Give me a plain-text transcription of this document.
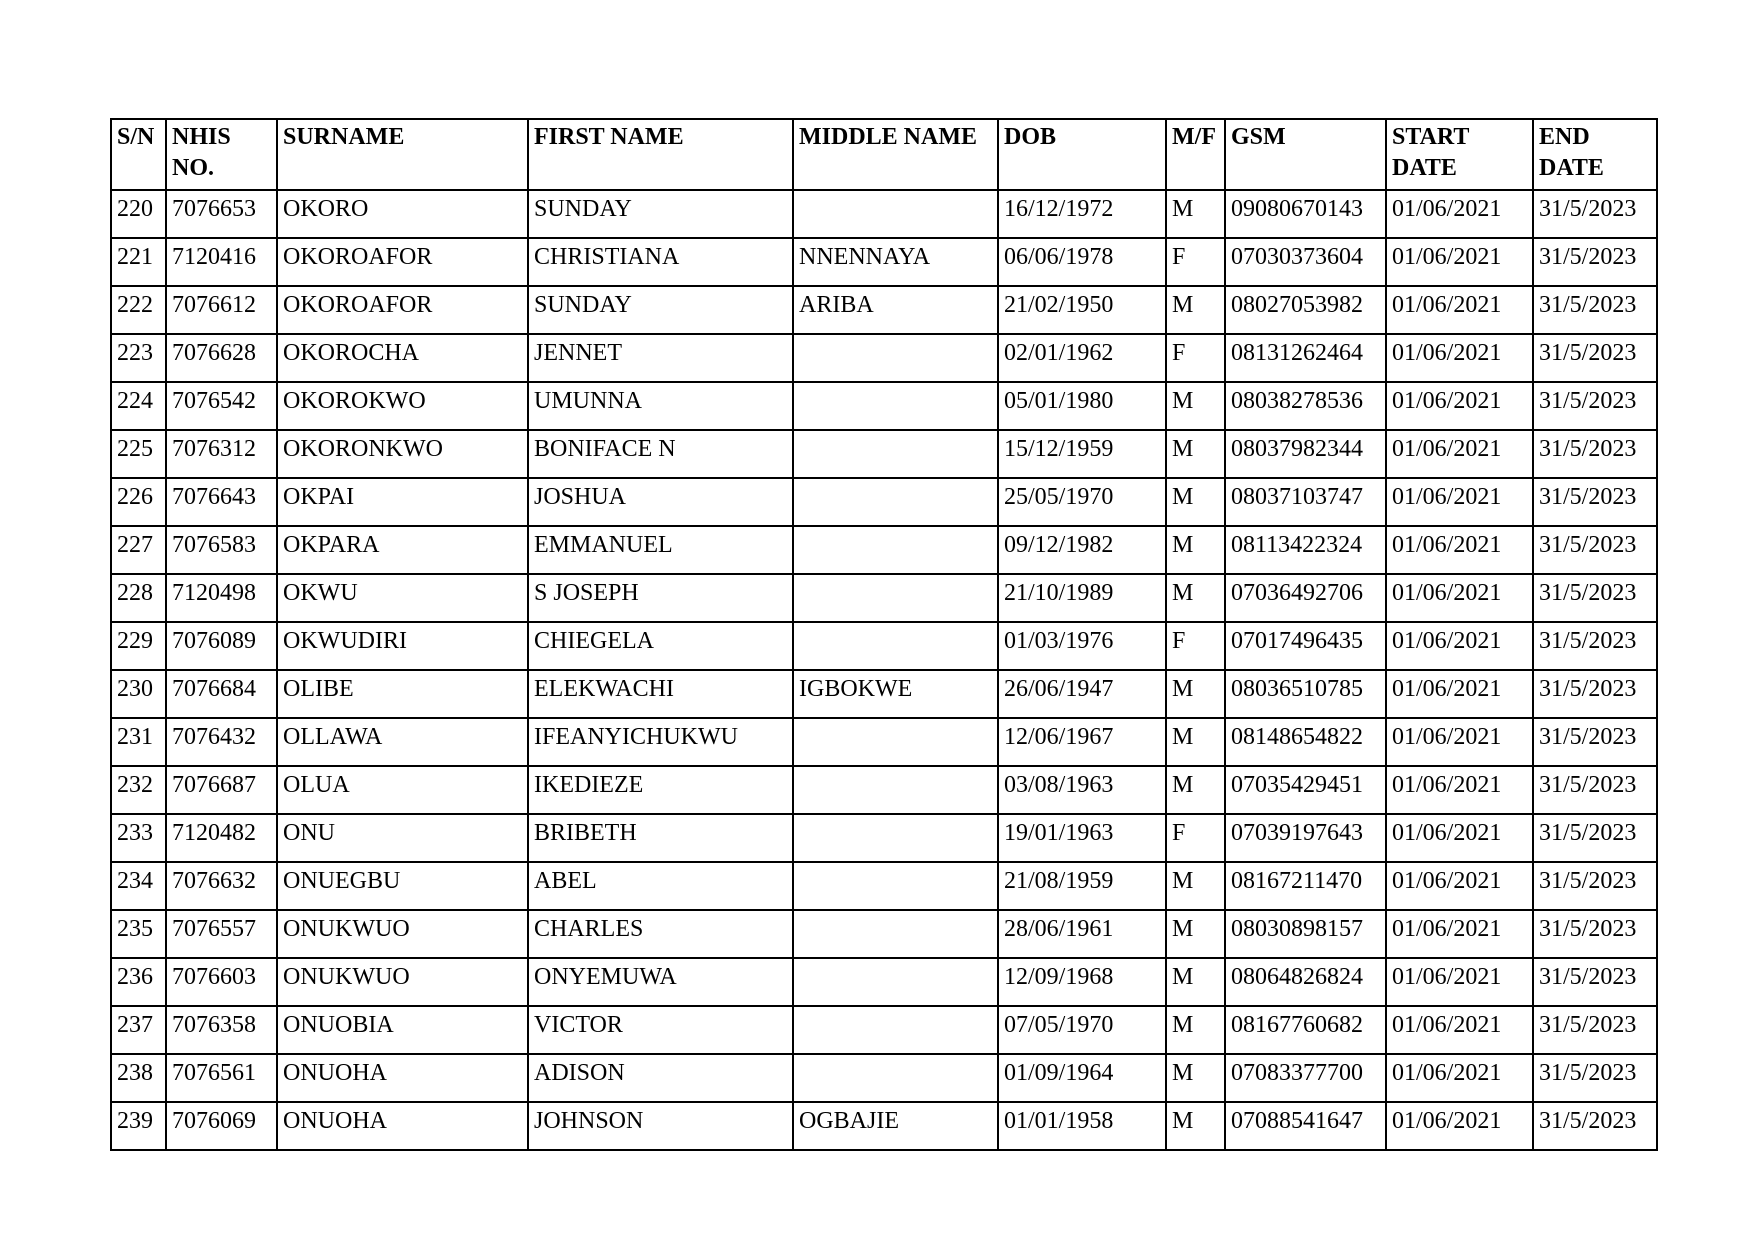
S/N	NHIS NO.	SURNAME	FIRST NAME	MIDDLE NAME	DOB	M/F	GSM	START DATE	END DATE
220	7076653	OKORO	SUNDAY		16/12/1972	M	09080670143	01/06/2021	31/5/2023
221	7120416	OKOROAFOR	CHRISTIANA	NNENNAYA	06/06/1978	F	07030373604	01/06/2021	31/5/2023
222	7076612	OKOROAFOR	SUNDAY	ARIBA	21/02/1950	M	08027053982	01/06/2021	31/5/2023
223	7076628	OKOROCHA	JENNET		02/01/1962	F	08131262464	01/06/2021	31/5/2023
224	7076542	OKOROKWO	UMUNNA		05/01/1980	M	08038278536	01/06/2021	31/5/2023
225	7076312	OKORONKWO	BONIFACE N		15/12/1959	M	08037982344	01/06/2021	31/5/2023
226	7076643	OKPAI	JOSHUA		25/05/1970	M	08037103747	01/06/2021	31/5/2023
227	7076583	OKPARA	EMMANUEL		09/12/1982	M	08113422324	01/06/2021	31/5/2023
228	7120498	OKWU	S JOSEPH		21/10/1989	M	07036492706	01/06/2021	31/5/2023
229	7076089	OKWUDIRI	CHIEGELA		01/03/1976	F	07017496435	01/06/2021	31/5/2023
230	7076684	OLIBE	ELEKWACHI	IGBOKWE	26/06/1947	M	08036510785	01/06/2021	31/5/2023
231	7076432	OLLAWA	IFEANYICHUKWU		12/06/1967	M	08148654822	01/06/2021	31/5/2023
232	7076687	OLUA	IKEDIEZE		03/08/1963	M	07035429451	01/06/2021	31/5/2023
233	7120482	ONU	BRIBETH		19/01/1963	F	07039197643	01/06/2021	31/5/2023
234	7076632	ONUEGBU	ABEL		21/08/1959	M	08167211470	01/06/2021	31/5/2023
235	7076557	ONUKWUO	CHARLES		28/06/1961	M	08030898157	01/06/2021	31/5/2023
236	7076603	ONUKWUO	ONYEMUWA		12/09/1968	M	08064826824	01/06/2021	31/5/2023
237	7076358	ONUOBIA	VICTOR		07/05/1970	M	08167760682	01/06/2021	31/5/2023
238	7076561	ONUOHA	ADISON		01/09/1964	M	07083377700	01/06/2021	31/5/2023
239	7076069	ONUOHA	JOHNSON	OGBAJIE	01/01/1958	M	07088541647	01/06/2021	31/5/2023
